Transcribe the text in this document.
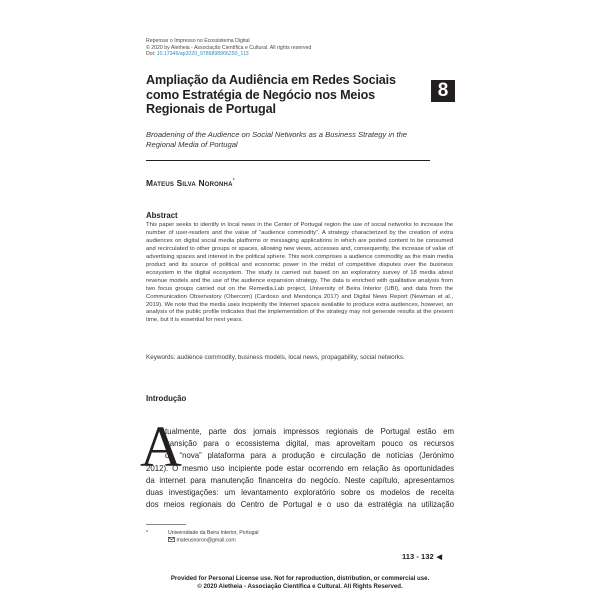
Repensar o Impresso no Ecossistema Digital
© 2020 by Aletheia - Associação Científica e Cultural. All rights reserved
Doi: 10.17346/ap2020_9789898966250_113
Ampliação da Audiência em Redes Sociais como Estratégia de Negócio nos Meios Regionais de Portugal
8
Broadening of the Audience on Social Networks as a Business Strategy in the Regional Media of Portugal
Mateus Silva Noronha*
Abstract
This paper seeks to identify in local news in the Center of Portugal region the use of social networks to increase the number of user-readers and the value of “audience commodity”. A strategy characterized by the creation of extra audiences on digital social media platforms or messaging applications in which are posted content to be consumed and recirculated to other groups or spaces, allowing new views, accesses and, consequently, the increase of value of advertising spaces and interest in the political sphere. This work comprises a audience commodity as the main media product and its source of political and economic power in the midst of competitive disputes over the business ecosystem in the digital ecosystem. The study is carried out based on an exploratory survey of 18 media about revenue models and the use of the audience expansion strategy. The data is enriched with qualitative analysis from two focus groups carried out on the Remedia.Lab project, University of Beira Interior (UBI), and data from the Communication Observatory (Obercom) (Cardoso and Mendonça 2017) and Digital News Report (Newman et al., 2019). We note that the media uses incipiently the Internet spaces available to produce extra audiences, however, an analysis of the public profile indicates that the implementation of the strategy may not generate results at the present time, but it is essential for next years.
Keywords: audience commodity, business models, local news, propagability, social networks.
Introdução
A
tualmente, parte dos jornais impressos regionais de Portugal estão em
transição para o ecossistema digital, mas aproveitam pouco os recursos
da “nova” plataforma para a produção e circulação de notícias (Jerónimo
2012). O mesmo uso incipiente pode estar ocorrendo em relação às oportunidades
da internet para manutenção financeira do negócio. Neste capítulo, apresentamos
duas investigações: um levantamento exploratório sobre os modelos de receita
dos meios regionais do Centro de Portugal e o uso da estratégia na utilização
*	Universidade da Beira Interior, Portugal
mateusnoron@gmail.com
113 - 132 ◀
Provided for Personal License use. Not for reproduction, distribution, or commercial use.
© 2020 Aletheia - Associação Científica e Cultural. All Rights Reserved.
